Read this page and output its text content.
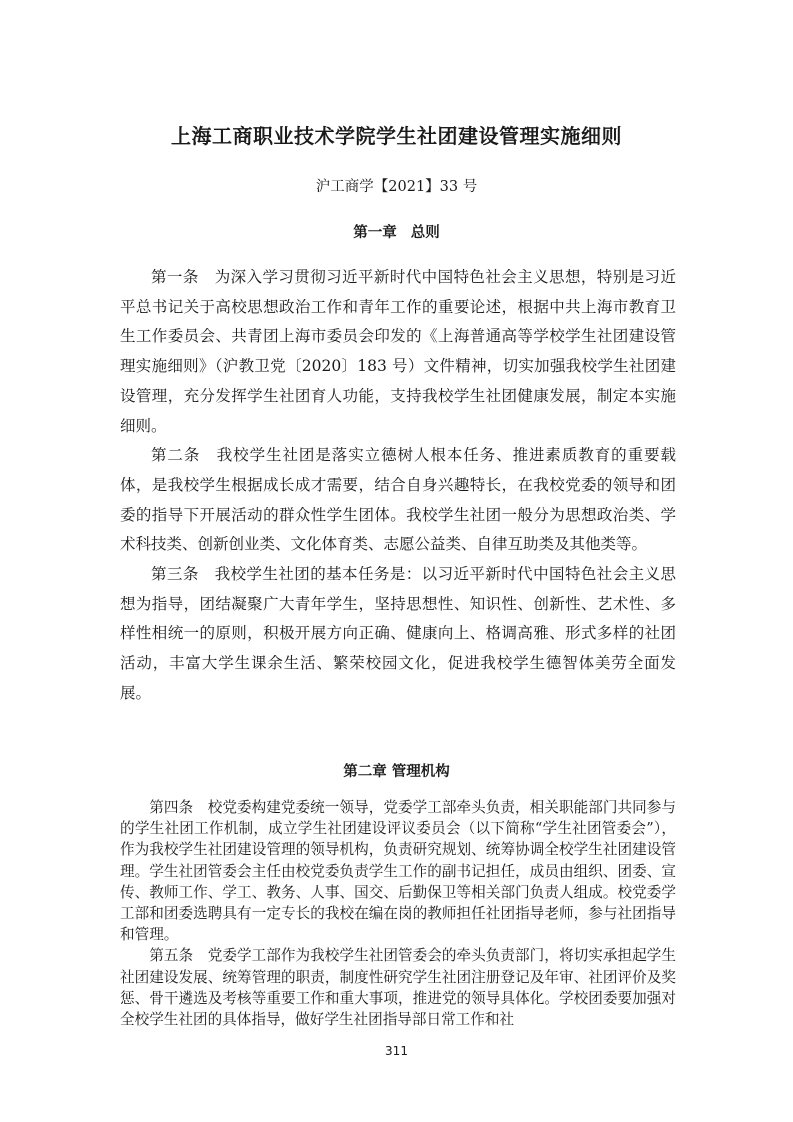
上海工商职业技术学院学生社团建设管理实施细则
沪工商学【2021】33 号
第一章 总则

第一条　 为深入学习贯彻习近平新时代中国特色社会主义思想，特别是习近平总书记关于高校思想政治工作和青年工作的重要论述，根据中共上海市教育卫生工作委员会、共青团上海市委员会印发的《上海普通高等学校学生社团建设管理实施细则》（沪教卫党〔2020〕183 号）文件精神，切实加强我校学生社团建设管理，充分发挥学生社团育人功能，支持我校学生社团健康发展，制定本实施细则。

第二条　 我校学生社团是落实立德树人根本任务、推进素质教育的重要载体，是我校学生根据成长成才需要，结合自身兴趣特长，在我校党委的领导和团委的指导下开展活动的群众性学生团体。我校学生社团一般分为思想政治类、学术科技类、创新创业类、文化体育类、志愿公益类、自律互助类及其他类等。

第三条　 我校学生社团的基本任务是：以习近平新时代中国特色社会主义思想为指导，团结凝聚广大青年学生，坚持思想性、知识性、创新性、艺术性、多样性相统一的原则，积极开展方向正确、健康向上、格调高雅、形式多样的社团活动，丰富大学生课余生活、繁荣校园文化，促进我校学生德智体美劳全面发展。

第二章 管理机构

第四条　 校党委构建党委统一领导，党委学工部牵头负责，相关职能部门共同参与的学生社团工作机制，成立学生社团建设评议委员会（以下简称“学生社团管委会”），作为我校学生社团建设管理的领导机构，负责研究规划、统筹协调全校学生社团建设管理。学生社团管委会主任由校党委负责学生工作的副书记担任，成员由组织、团委、宣传、教师工作、学工、教务、人事、国交、后勤保卫等相关部门负责人组成。校党委学工部和团委选聘具有一定专长的我校在编在岗的教师担任社团指导老师，参与社团指导和管理。

第五条　 党委学工部作为我校学生社团管委会的牵头负责部门，将切实承担起学生社团建设发展、统筹管理的职责，制度性研究学生社团注册登记及年审、社团评价及奖惩、骨干遴选及考核等重要工作和重大事项，推进党的领导具体化。学校团委要加强对全校学生社团的具体指导，做好学生社团指导部日常工作和社

311
